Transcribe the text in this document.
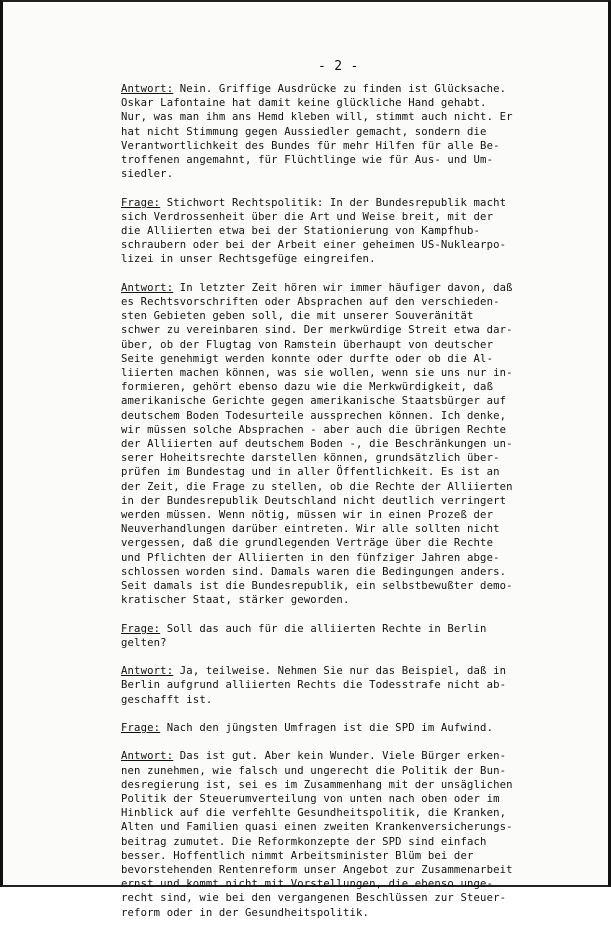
- 2 -
Antwort: Nein. Griffige Ausdrücke zu finden ist Glücksache.
Oskar Lafontaine hat damit keine glückliche Hand gehabt.
Nur, was man ihm ans Hemd kleben will, stimmt auch nicht. Er
hat nicht Stimmung gegen Aussiedler gemacht, sondern die
Verantwortlichkeit des Bundes für mehr Hilfen für alle Be-
troffenen angemahnt, für Flüchtlinge wie für Aus- und Um-
siedler.
Frage: Stichwort Rechtspolitik: In der Bundesrepublik macht
sich Verdrossenheit über die Art und Weise breit, mit der
die Alliierten etwa bei der Stationierung von Kampfhub-
schraubern oder bei der Arbeit einer geheimen US-Nuklearpo-
lizei in unser Rechtsgefüge eingreifen.
Antwort: In letzter Zeit hören wir immer häufiger davon, daß
es Rechtsvorschriften oder Absprachen auf den verschieden-
sten Gebieten geben soll, die mit unserer Souveränität
schwer zu vereinbaren sind. Der merkwürdige Streit etwa dar-
über, ob der Flugtag von Ramstein überhaupt von deutscher
Seite genehmigt werden konnte oder durfte oder ob die Al-
liierten machen können, was sie wollen, wenn sie uns nur in-
formieren, gehört ebenso dazu wie die Merkwürdigkeit, daß
amerikanische Gerichte gegen amerikanische Staatsbürger auf
deutschem Boden Todesurteile aussprechen können. Ich denke,
wir müssen solche Absprachen - aber auch die übrigen Rechte
der Alliierten auf deutschem Boden -, die Beschränkungen un-
serer Hoheitsrechte darstellen können, grundsätzlich über-
prüfen im Bundestag und in aller Öffentlichkeit. Es ist an
der Zeit, die Frage zu stellen, ob die Rechte der Alliierten
in der Bundesrepublik Deutschland nicht deutlich verringert
werden müssen. Wenn nötig, müssen wir in einen Prozeß der
Neuverhandlungen darüber eintreten. Wir alle sollten nicht
vergessen, daß die grundlegenden Verträge über die Rechte
und Pflichten der Alliierten in den fünfziger Jahren abge-
schlossen worden sind. Damals waren die Bedingungen anders.
Seit damals ist die Bundesrepublik, ein selbstbewußter demo-
kratischer Staat, stärker geworden.
Frage: Soll das auch für die alliierten Rechte in Berlin
gelten?
Antwort: Ja, teilweise. Nehmen Sie nur das Beispiel, daß in
Berlin aufgrund alliierten Rechts die Todesstrafe nicht ab-
geschafft ist.
Frage: Nach den jüngsten Umfragen ist die SPD im Aufwind.
Antwort: Das ist gut. Aber kein Wunder. Viele Bürger erken-
nen zunehmen, wie falsch und ungerecht die Politik der Bun-
desregierung ist, sei es im Zusammenhang mit der unsäglichen
Politik der Steuerumverteilung von unten nach oben oder im
Hinblick auf die verfehlte Gesundheitspolitik, die Kranken,
Alten und Familien quasi einen zweiten Krankenversicherungs-
beitrag zumutet. Die Reformkonzepte der SPD sind einfach
besser. Hoffentlich nimmt Arbeitsminister Blüm bei der
bevorstehenden Rentenreform unser Angebot zur Zusammenarbeit
ernst und kommt nicht mit Vorstellungen, die ebenso unge-
recht sind, wie bei den vergangenen Beschlüssen zur Steuer-
reform oder in der Gesundheitspolitik.
